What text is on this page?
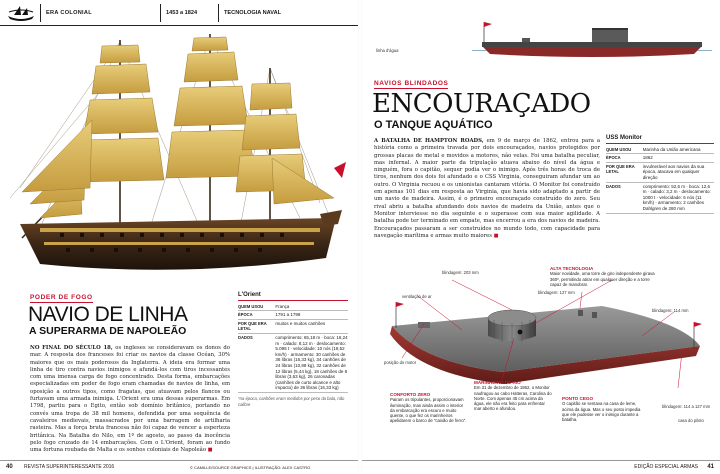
ERA COLONIAL	1453 a 1824	TECNOLOGIA NAVAL
PODER DE FOGO
NAVIO DE LINHA
A SUPERARMA DE NAPOLEÃO
NO FINAL DO SÉCULO 18, os ingleses se consideravam os donos do mar. A resposta dos franceses foi criar os navios da classe Océan, 30% maiores que os mais poderosos da Inglaterra. A ideia era formar uma linha de tiro contra navios inimigos e afundá-los com tiros incessantes com uma imensa carga de fogo concentrado. Desta forma, embarcações especializadas em poder de fogo eram chamadas de navios de linha, em oposição a outros tipos, como fragatas, que atuavam pelos flancos ou furtavam uma armada inimiga. L'Orient era uma dessas superarmas. Em 1798, partiu para o Egito, então sob domínio britânico, portando no convés uma tropa de 38 mil homens, defendida por uma sequência de cavaleiros medievais, massacrados por uma barragem de artilharia rasteira. Mas a força bruta francesa não foi capaz de vencer a esperteza britânica. Na Batalha do Nilo, em 1º de agosto, ao passo da inocência pelo fogo cruzado de 14 embarcações. Com o L'Orient, foram ao fundo uma fortuna roubada de Malta e os sonhos coloniais de Napoleão ■
L'Orient
QUEM USOU	França
ÉPOCA	1791 a 1798
POR QUE ERA LETAL	muitos e muitos canhões
DADOS	comprimento: 65,18 m · boca: 16,24 m · calado: 8,12 m · deslocamento: 5.095 t · velocidade: 10 nós (18,52 km/h) · armamento: 30 canhões de 36 libras (16,33 kg), 34 canhões de 24 libras (10,88 kg), 32 canhões de 12 libras (5,44 kg), 18 canhões de 8 libras (3,63 kg), 26 caronadas (canhões de curto alcance e alto impacto) de 36 libras (16,33 kg)
*na época, canhões eram medidos por peso da bala, não calibre
40 REVISTA SUPERINTERESSANTE 2016	© CAMILLE/SOURCE GRAPHICS | ILUSTRAÇÃO: ALEX CASTRO
linha d'água
NAVIOS BLINDADOS
ENCOURAÇADO
O TANQUE AQUÁTICO
A BATALHA DE HAMPTON ROADS, em 9 de março de 1862, entrou para a história como a primeira travada por dois encouraçados, navios protegidos por grossas placas de metal e movidos a motores, não velas. Foi uma batalha peculiar, mas infernal. A maior parte da tripulação atuava abaixo do nível da água e ninguém, fora o capitão, sequer podia ver o inimigo. Após três horas de troca de tiros, nenhum dos dois foi afundado e o CSS Virginia, conseguiram afundar um ao outro. O Virginia recuou e os unionistas cantaram vitória. O Monitor foi construído em apenas 101 dias em resposta ao Virginia, que havia sido adaptado a partir de um navio de madeira. Assim, é o primeiro encouraçado construído do zero. Seu rival abriu a batalha afundando dois navios de madeira da União, antes que o Monitor interviesse no dia seguinte e o superasse com sua maior agilidade. A batalha pode ter terminado em empate, mas encerrou a era dos navios de madeira. Encouraçados passaram a ser construídos no mundo todo, com capacidade para navegação marítima e armas muito maiores ■
USS Monitor
QUEM USOU	Marinha da União americana
ÉPOCA	1862
POR QUE ERA LETAL	invulnerável aos navios da sua época, atacava em qualquer direção
DADOS	comprimento: 52,6 m · boca: 12,6 m · calado: 3,2 m · deslocamento: 1000 t · velocidade: 6 nós (11 km/h) · armamento: 2 canhões Dahlgren de 280 mm
blindagem: 203 mm
ventilação de ar
blindagem: 114 mm
posição do motor
blindagem: 114 a 127 mm
casa do piloto
blindagem: 127 mm
ALTA TECNOLOGIA
Maior novidade, uma torre de giro independente girava 360º, permitindo atirar em qualquer direção e a torre capaz de manobrar.
CONFORTO ZERO
Pairam os tripulantes, proporcionavam iluminação, mas ainda assim o interior da embarcação era escuro e muito quente, o que fez os marinheiros apelidarem o barco de “caixão de ferro”.
MARINHEIRO DE RIO
Em 31 de dezembro de 1862, o Monitor naufragou ao cabo Hatteras, Carolina do Norte. Com apenas 45 cm acima da água, ele não era feito para enfrentar mar aberto e afundou.
PONTO CEGO
O capitão se sentava na casa de leme, acima da água. Mas o seu posto impedia que ele pudesse ver o inimigo durante a batalha.
EDIÇÃO ESPECIAL ARMAS 41
